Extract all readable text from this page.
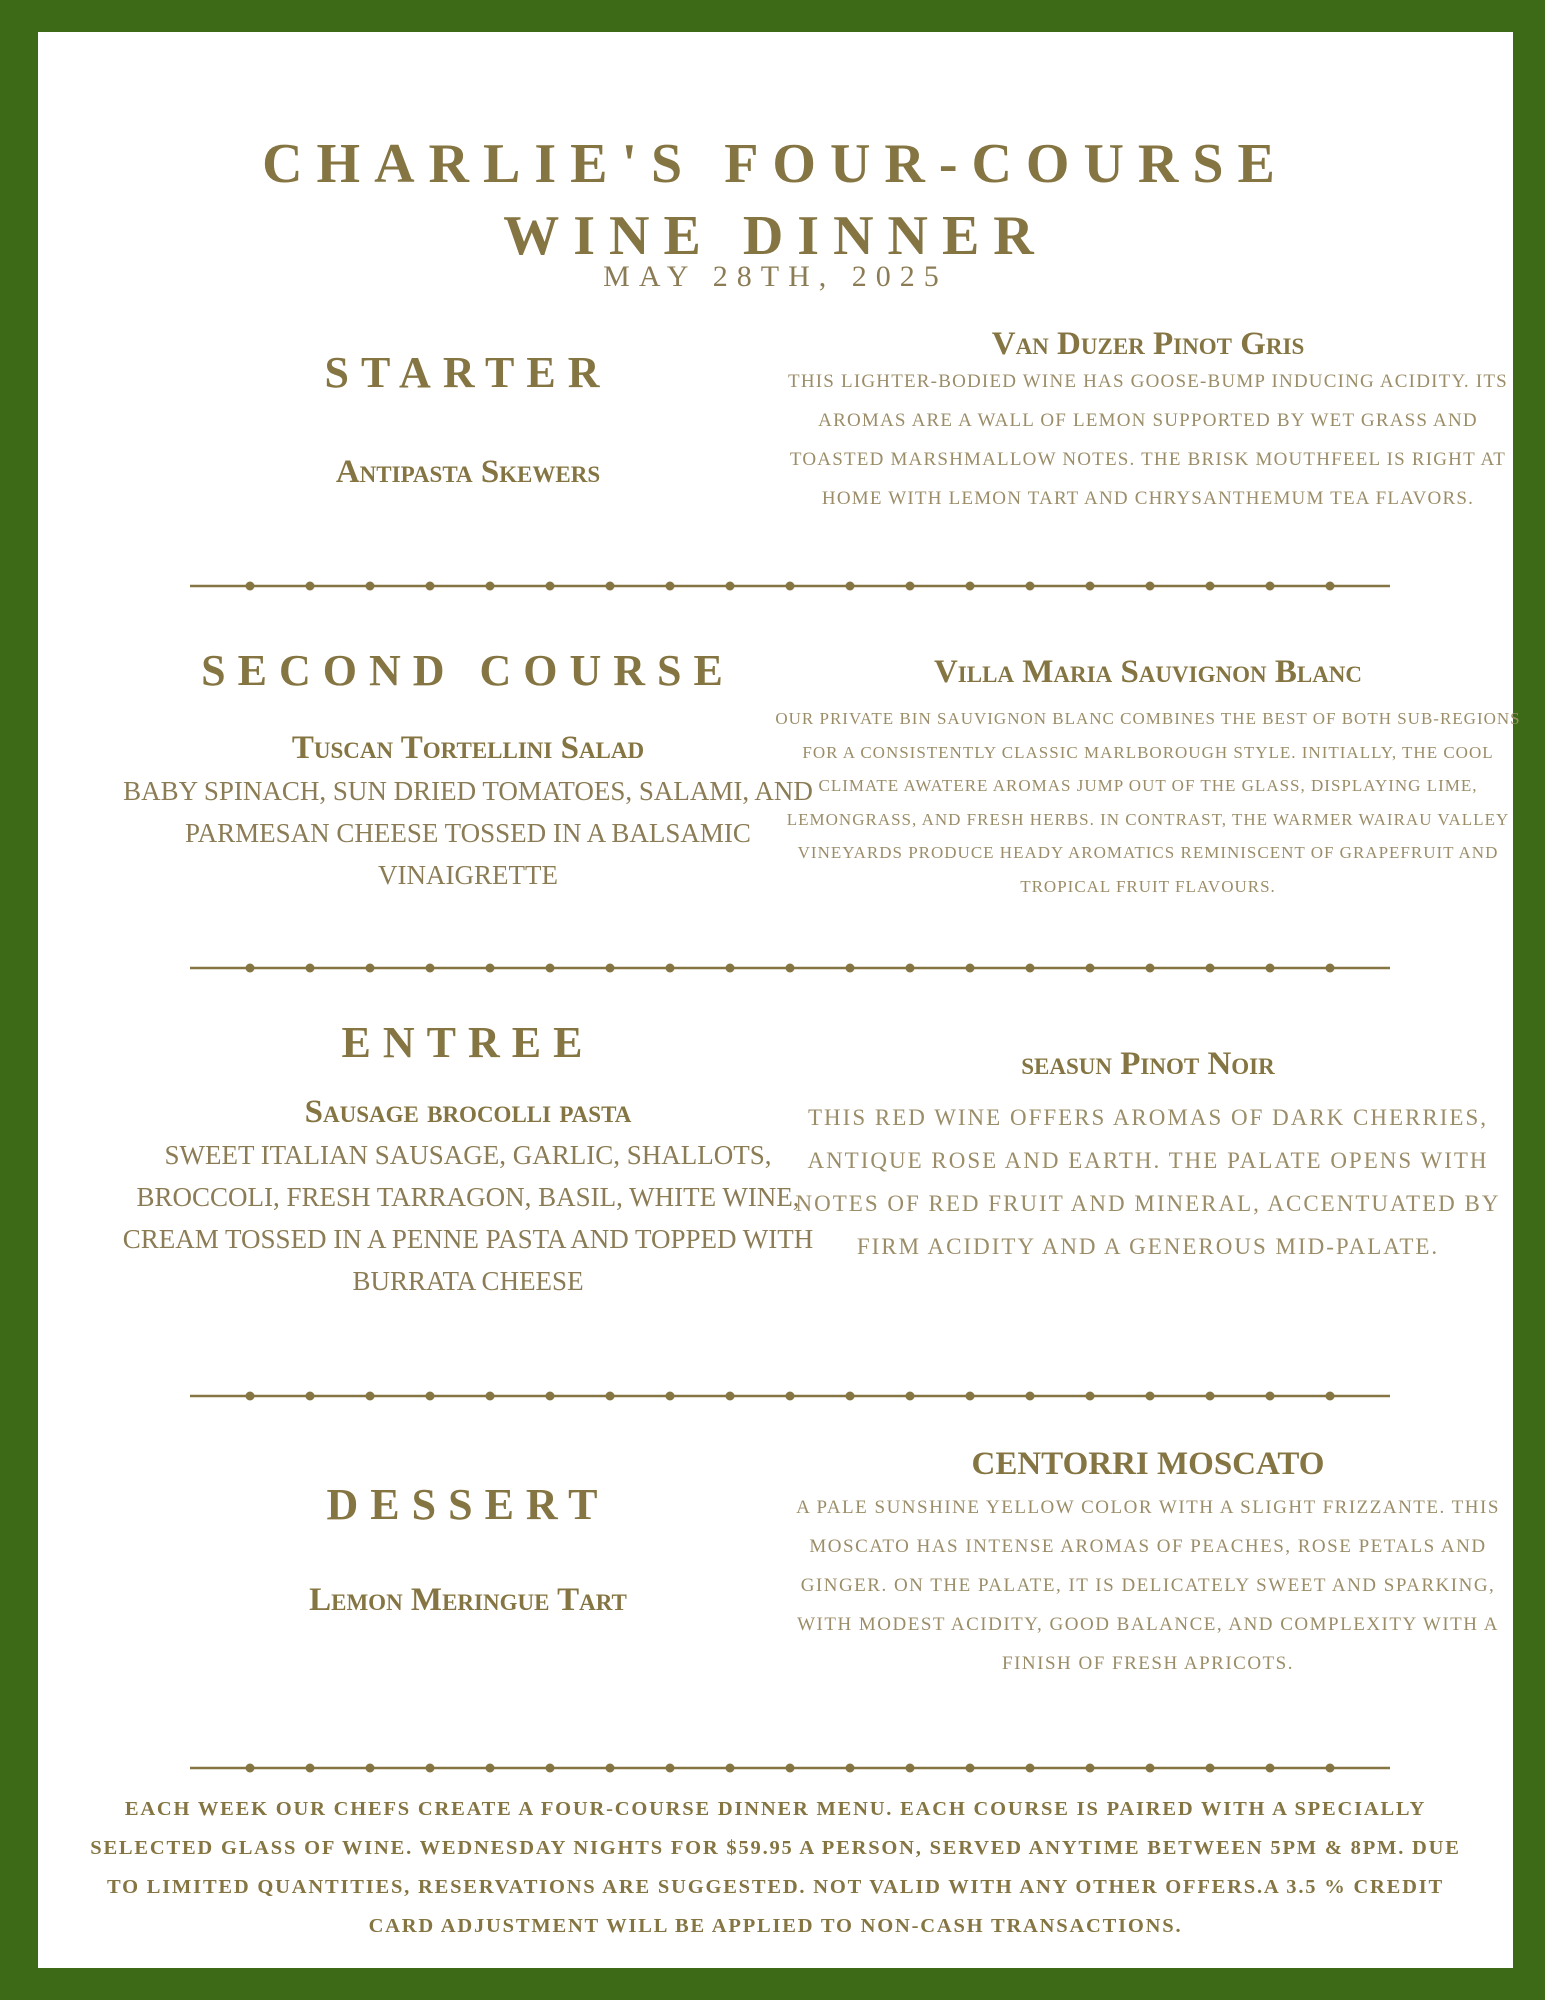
CHARLIE'S FOUR-COURSE
WINE DINNER
MAY 28TH, 2025
STARTER
Antipasta Skewers
Van Duzer Pinot Gris
THIS LIGHTER-BODIED WINE HAS GOOSE-BUMP INDUCING ACIDITY. ITS AROMAS ARE A WALL OF LEMON SUPPORTED BY WET GRASS AND TOASTED MARSHMALLOW NOTES. THE BRISK MOUTHFEEL IS RIGHT AT HOME WITH LEMON TART AND CHRYSANTHEMUM TEA FLAVORS.
SECOND COURSE
Tuscan Tortellini Salad
BABY SPINACH, SUN DRIED TOMATOES, SALAMI, AND PARMESAN CHEESE TOSSED IN A BALSAMIC VINAIGRETTE
Villa Maria Sauvignon Blanc
OUR PRIVATE BIN SAUVIGNON BLANC COMBINES THE BEST OF BOTH SUB-REGIONS FOR A CONSISTENTLY CLASSIC MARLBOROUGH STYLE. INITIALLY, THE COOL CLIMATE AWATERE AROMAS JUMP OUT OF THE GLASS, DISPLAYING LIME, LEMONGRASS, AND FRESH HERBS. IN CONTRAST, THE WARMER WAIRAU VALLEY VINEYARDS PRODUCE HEADY AROMATICS REMINISCENT OF GRAPEFRUIT AND TROPICAL FRUIT FLAVOURS.
ENTREE
Sausage brocolli pasta
SWEET ITALIAN SAUSAGE, GARLIC, SHALLOTS, BROCCOLI, FRESH TARRAGON, BASIL, WHITE WINE, CREAM TOSSED IN A PENNE PASTA AND TOPPED WITH BURRATA CHEESE
seasun Pinot Noir
THIS RED WINE OFFERS AROMAS OF DARK CHERRIES, ANTIQUE ROSE AND EARTH. THE PALATE OPENS WITH NOTES OF RED FRUIT AND MINERAL, ACCENTUATED BY FIRM ACIDITY AND A GENEROUS MID-PALATE.
DESSERT
Lemon Meringue Tart
CENTORRI MOSCATO
A PALE SUNSHINE YELLOW COLOR WITH A SLIGHT FRIZZANTE. THIS MOSCATO HAS INTENSE AROMAS OF PEACHES, ROSE PETALS AND GINGER. ON THE PALATE, IT IS DELICATELY SWEET AND SPARKING, WITH MODEST ACIDITY, GOOD BALANCE, AND COMPLEXITY WITH A FINISH OF FRESH APRICOTS.
EACH WEEK OUR CHEFS CREATE A FOUR-COURSE DINNER MENU. EACH COURSE IS PAIRED WITH A SPECIALLY SELECTED GLASS OF WINE. WEDNESDAY NIGHTS FOR $59.95 A PERSON, SERVED ANYTIME BETWEEN 5PM & 8PM. DUE TO LIMITED QUANTITIES, RESERVATIONS ARE SUGGESTED. NOT VALID WITH ANY OTHER OFFERS.A 3.5 % CREDIT CARD ADJUSTMENT WILL BE APPLIED TO NON-CASH TRANSACTIONS.
